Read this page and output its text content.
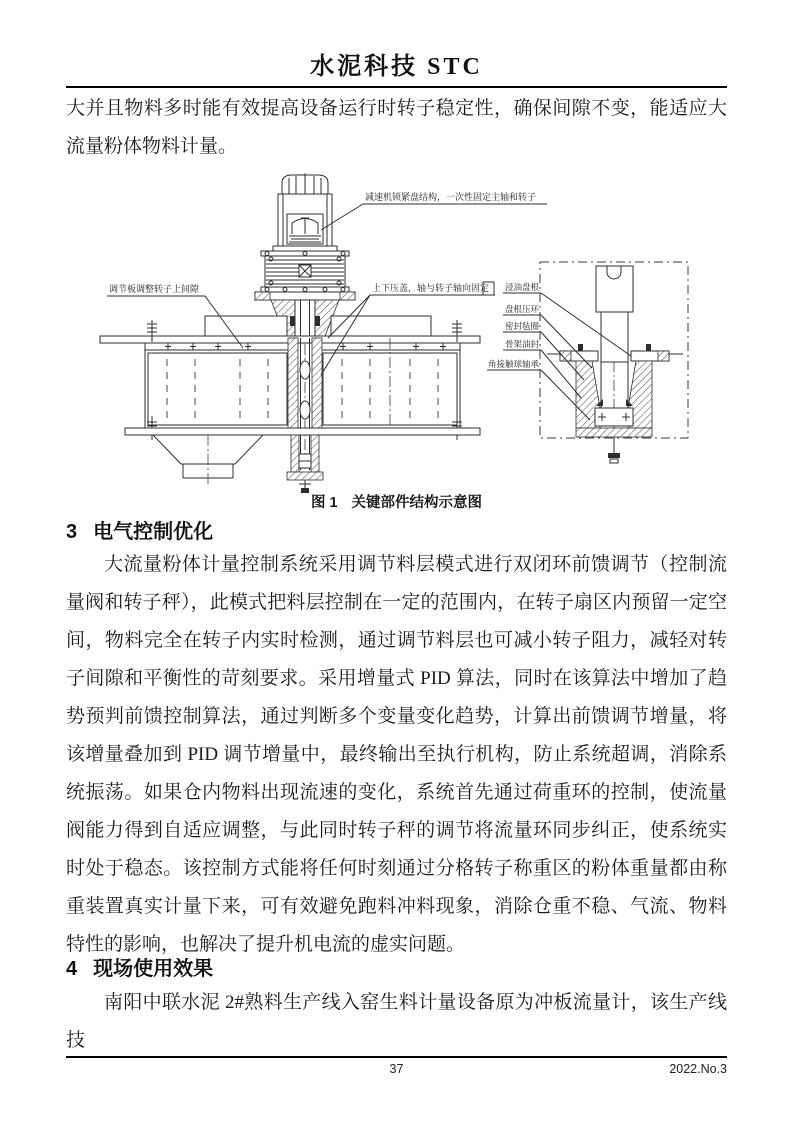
水泥科技 STC

大并且物料多时能有效提高设备运行时转子稳定性，确保间隙不变，能适应大流量粉体物料计量。

减速机锁紧盘结构，一次性固定主轴和转子
调节板调整转子上间隙	上下压盖，轴与转子轴向固定 浸油盘根
盘根压环
密封毡圈
骨架油封
角接触球轴承

图 1 关键部件结构示意图

3 电气控制优化

大流量粉体计量控制系统采用调节料层模式进行双闭环前馈调节（控制流量阀和转子秤），此模式把料层控制在一定的范围内，在转子扇区内预留一定空间，物料完全在转子内实时检测，通过调节料层也可减小转子阻力，减轻对转子间隙和平衡性的苛刻要求。采用增量式 PID 算法，同时在该算法中增加了趋势预判前馈控制算法，通过判断多个变量变化趋势，计算出前馈调节增量，将该增量叠加到 PID 调节增量中，最终输出至执行机构，防止系统超调，消除系统振荡。如果仓内物料出现流速的变化，系统首先通过荷重环的控制，使流量阀能力得到自适应调整，与此同时转子秤的调节将流量环同步纠正，使系统实时处于稳态。该控制方式能将任何时刻通过分格转子称重区的粉体重量都由称重装置真实计量下来，可有效避免跑料冲料现象，消除仓重不稳、气流、物料特性的影响，也解决了提升机电流的虚实问题。

4 现场使用效果

南阳中联水泥 2#熟料生产线入窑生料计量设备原为冲板流量计，该生产线技

37	2022.No.3
